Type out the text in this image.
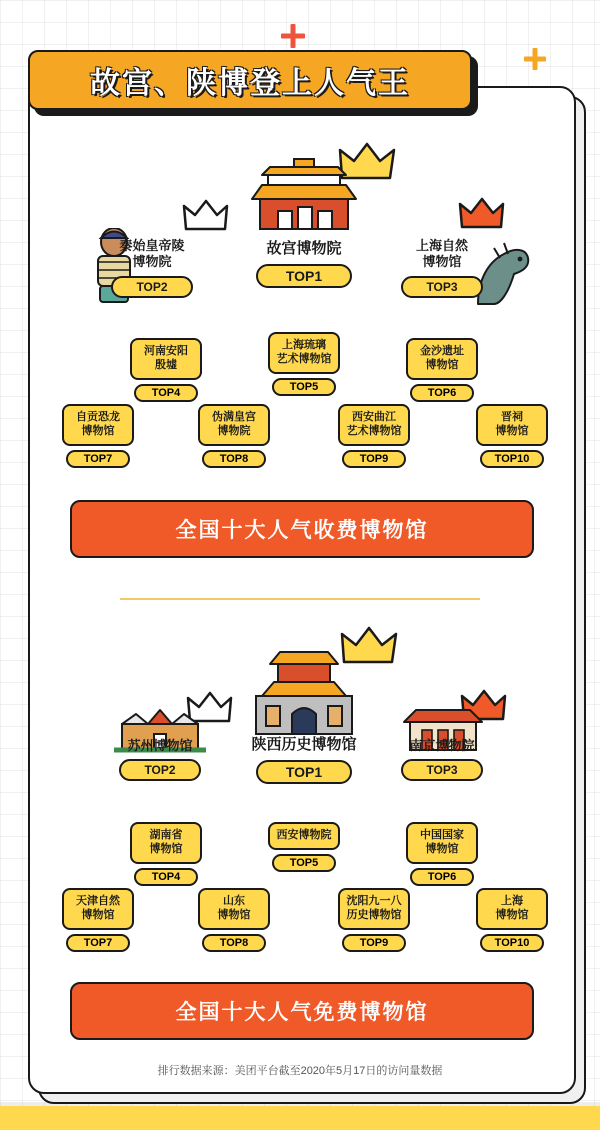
故宫、陕博登上人气王
秦始皇帝陵
博物院
TOP2
故宫博物院
TOP1
上海自然
博物馆
TOP3
河南安阳
殷墟
TOP4
上海琉璃
艺术博物馆
TOP5
金沙遗址
博物馆
TOP6
自贡恐龙
博物馆
TOP7
伪满皇宫
博物院
TOP8
西安曲江
艺术博物馆
TOP9
晋祠
博物馆
TOP10
全国十大人气收费博物馆
苏州博物馆
TOP2
陕西历史博物馆
TOP1
南京博物院
TOP3
湖南省
博物馆
TOP4
西安博物院
TOP5
中国国家
博物馆
TOP6
天津自然
博物馆
TOP7
山东
博物馆
TOP8
沈阳九一八
历史博物馆
TOP9
上海
博物馆
TOP10
全国十大人气免费博物馆
排行数据来源：美团平台截至2020年5月17日的访问量数据
